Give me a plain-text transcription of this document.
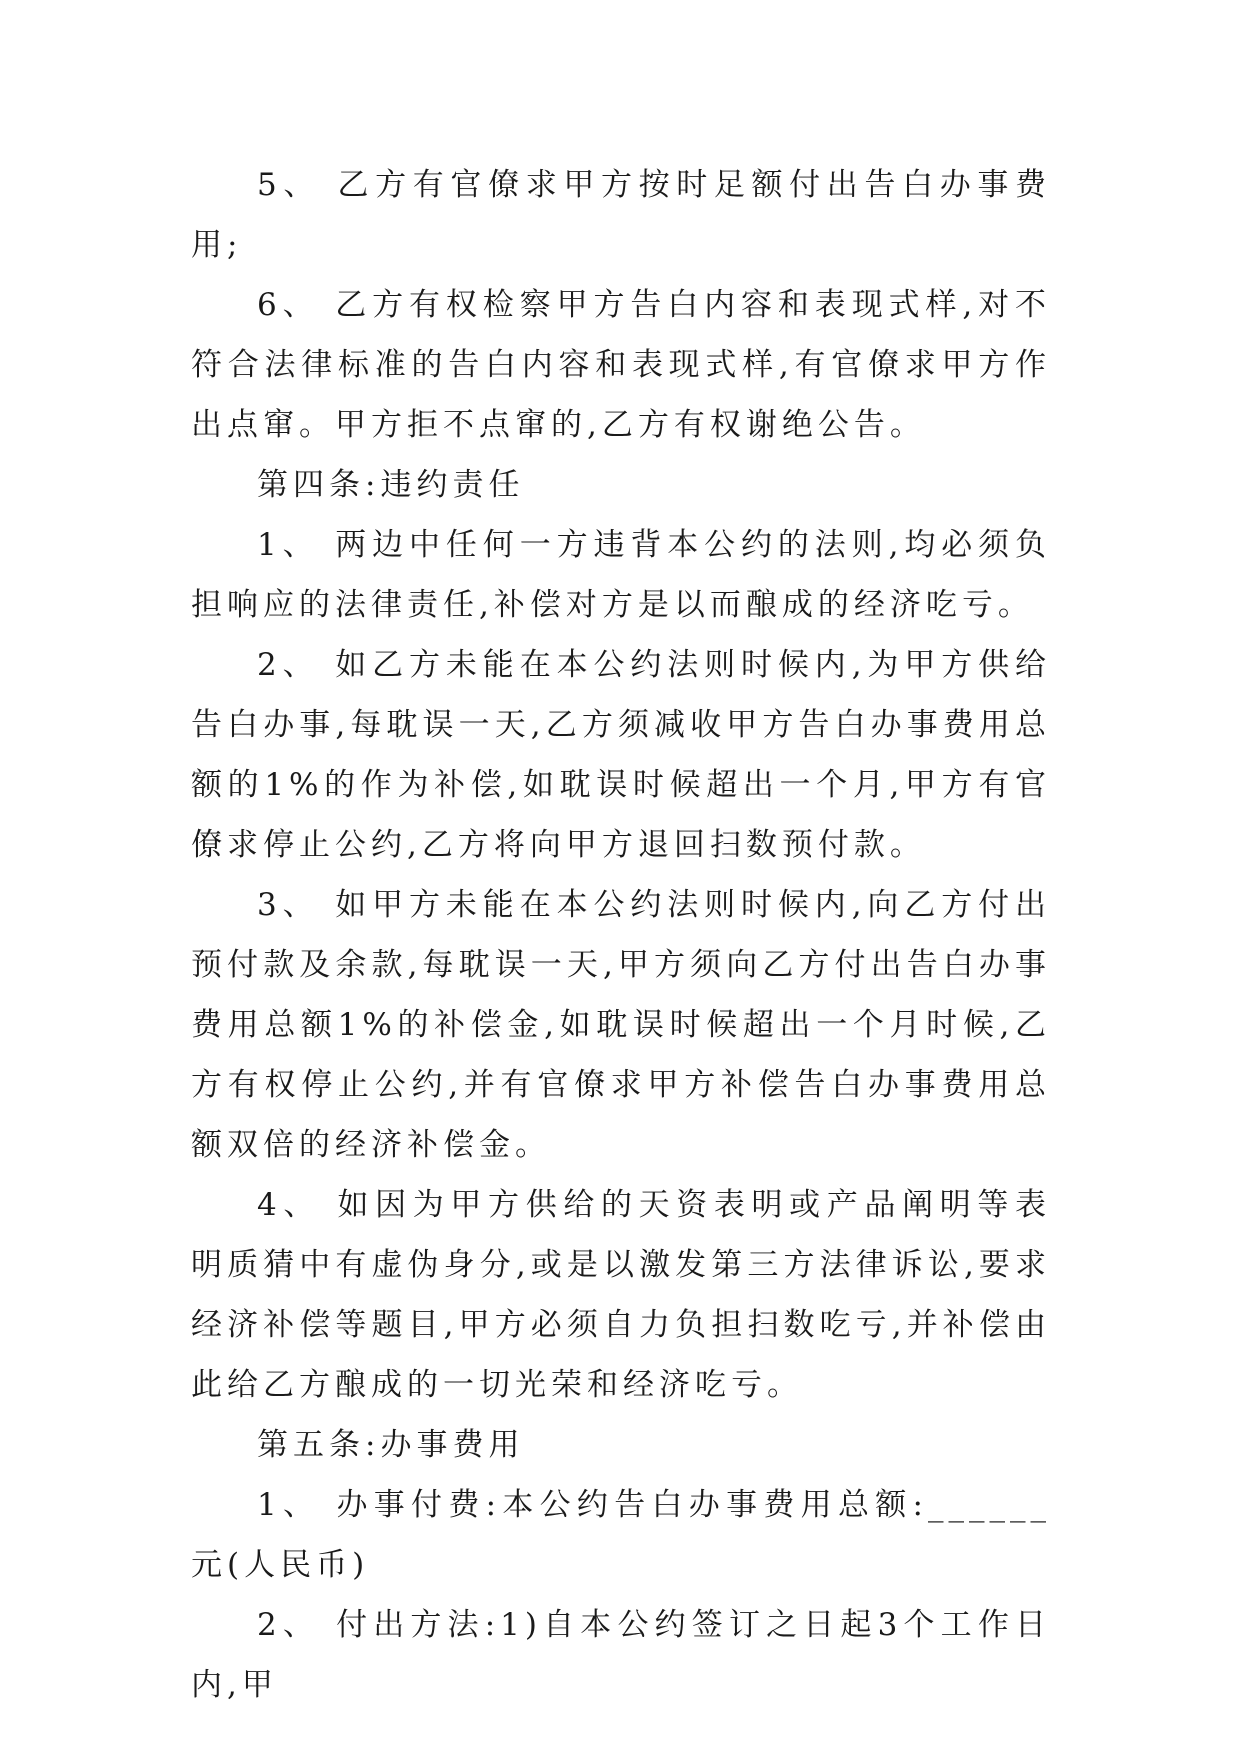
5、 乙方有官僚求甲方按时足额付出告白办事费用;

6、 乙方有权检察甲方告白内容和表现式样,对不符合法律标准的告白内容和表现式样,有官僚求甲方作出点窜。甲方拒不点窜的,乙方有权谢绝公告。

第四条:违约责任

1、 两边中任何一方违背本公约的法则,均必须负担响应的法律责任,补偿对方是以而酿成的经济吃亏。

2、 如乙方未能在本公约法则时候内,为甲方供给告白办事,每耽误一天,乙方须减收甲方告白办事费用总额的1%的作为补偿,如耽误时候超出一个月,甲方有官僚求停止公约,乙方将向甲方退回扫数预付款。

3、 如甲方未能在本公约法则时候内,向乙方付出预付款及余款,每耽误一天,甲方须向乙方付出告白办事费用总额1%的补偿金,如耽误时候超出一个月时候,乙方有权停止公约,并有官僚求甲方补偿告白办事费用总额双倍的经济补偿金。

4、 如因为甲方供给的天资表明或产品阐明等表明质猜中有虚伪身分,或是以激发第三方法律诉讼,要求经济补偿等题目,甲方必须自力负担扫数吃亏,并补偿由此给乙方酿成的一切光荣和经济吃亏。

第五条:办事费用

1、 办事付费:本公约告白办事费用总额:______元(人民币)

2、 付出方法:1)自本公约签订之日起3个工作日内,甲
